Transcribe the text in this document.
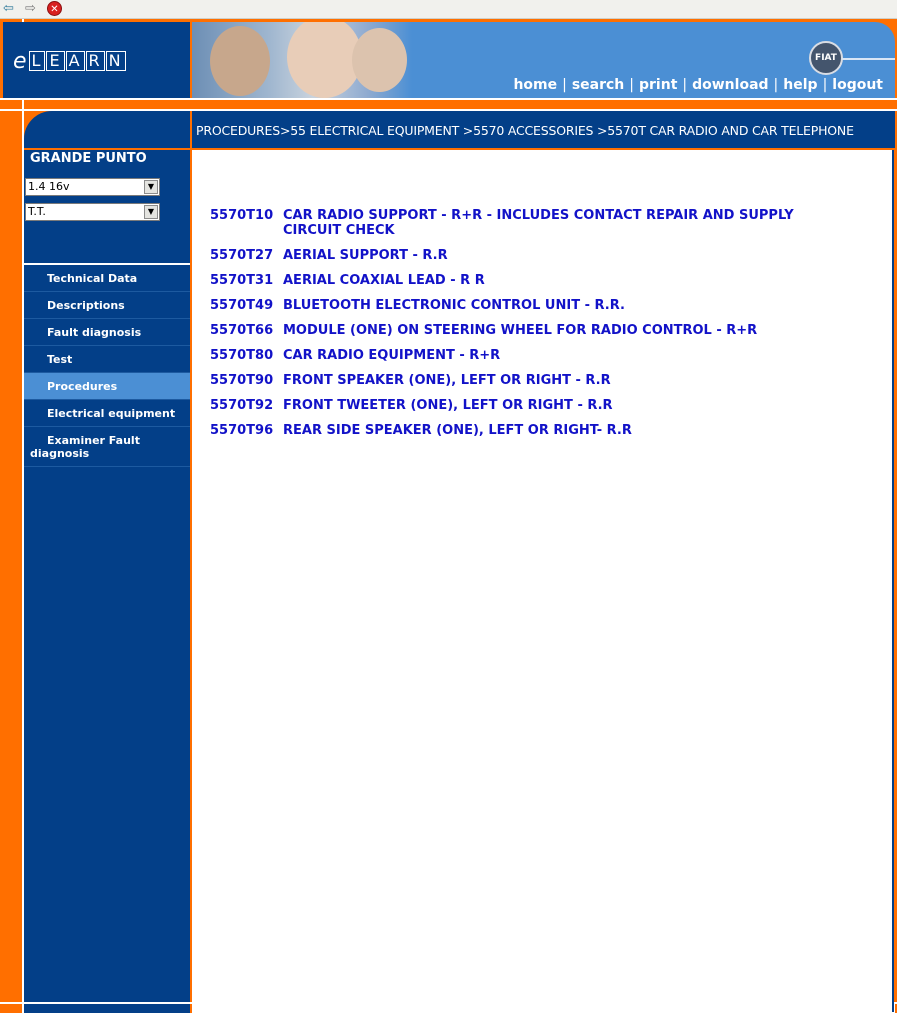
⇦ ⇨	✕
e L E A R N	FIAT
home | search | print | download | help | logout
PROCEDURES>55 ELECTRICAL EQUIPMENT >5570 ACCESSORIES >5570T CAR RADIO AND CAR TELEPHONE
GRANDE PUNTO
1.4 16v	▼
T.T.	▼
Technical Data
Descriptions
Fault diagnosis
Test
Procedures
Electrical equipment
Examiner Fault diagnosis
5570T10 CAR RADIO SUPPORT - R+R - INCLUDES CONTACT REPAIR AND SUPPLY CIRCUIT CHECK
5570T27 AERIAL SUPPORT - R.R
5570T31 AERIAL COAXIAL LEAD - R R
5570T49 BLUETOOTH ELECTRONIC CONTROL UNIT - R.R.
5570T66 MODULE (ONE) ON STEERING WHEEL FOR RADIO CONTROL - R+R
5570T80 CAR RADIO EQUIPMENT - R+R
5570T90 FRONT SPEAKER (ONE), LEFT OR RIGHT - R.R
5570T92 FRONT TWEETER (ONE), LEFT OR RIGHT - R.R
5570T96 REAR SIDE SPEAKER (ONE), LEFT OR RIGHT- R.R
